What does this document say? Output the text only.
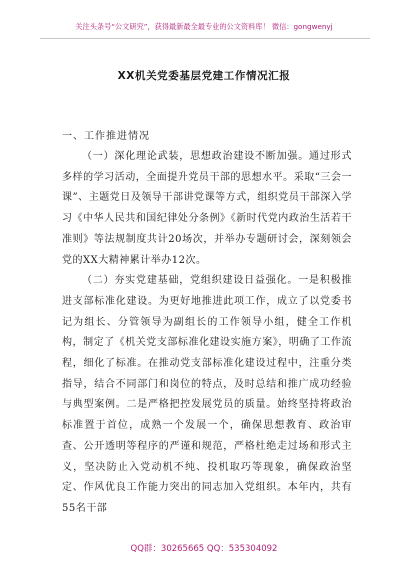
关注头条号“公文研究”，获得最新最全最专业的公文资料库！ 微信：gongwenyj
XX机关党委基层党建工作情况汇报
一、工作推进情况

（一）深化理论武装，思想政治建设不断加强。通过形式多样的学习活动，全面提升党员干部的思想水平。采取“三会一课”、主题党日及领导干部讲党课等方式，组织党员干部深入学习《中华人民共和国纪律处分条例》《新时代党内政治生活若干准则》等法规制度共计20场次，并举办专题研讨会，深刻领会党的XX大精神累计举办12次。

（二）夯实党建基础，党组织建设日益强化。一是积极推进支部标准化建设。为更好地推进此项工作，成立了以党委书记为组长、分管领导为副组长的工作领导小组，健全工作机构，制定了《机关党支部标准化建设实施方案》，明确了工作流程，细化了标准。在推动党支部标准化建设过程中，注重分类指导，结合不同部门和岗位的特点，及时总结和推广成功经验与典型案例。二是严格把控发展党员的质量。始终坚持将政治标准置于首位，成熟一个发展一个，确保思想教育、政治审查、公开透明等程序的严谨和规范，严格杜绝走过场和形式主义，坚决防止入党动机不纯、投机取巧等现象，确保政治坚定、作风优良工作能力突出的同志加入党组织。本年内，共有55名干部

QQ群：30265665 QQ：535304092
